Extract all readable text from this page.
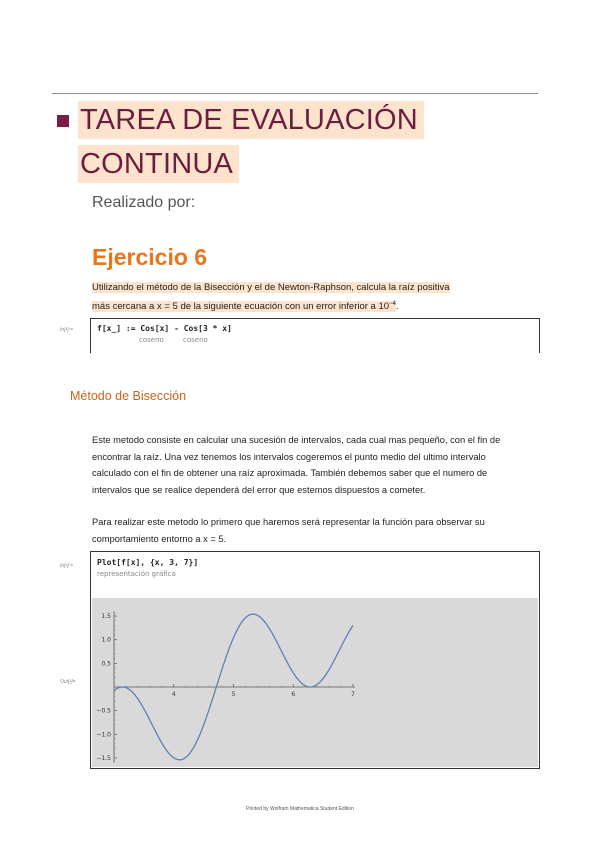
TAREA DE EVALUACIÓN
CONTINUA
Realizado por:
Ejercicio 6
Utilizando el método de la Bisección y el de Newton-Raphson, calcula la raíz positiva
más cercana a x = 5 de la siguiente ecuación con un error inferior a $10^{-4}$.
In[•]:=	f[x_] := Cos[x] - Cos[3 * x]
coseno	coseno
Método de Bisección
Este metodo consiste en calcular una sucesión de intervalos, cada cual mas pequeño, con el fin de
encontrar la raíz. Una vez tenemos los intervalos cogeremos el punto medio del ultimo intervalo
calculado con el fin de obtener una raíz aproximada. También debemos saber que el numero de
intervalos que se realice dependerá del error que estemos dispuestos a cometer.
Para realizar este metodo lo primero que haremos será representar la función para observar su
comportamiento entorno a x = 5.
In[•]:=
Out[•]=
Plot[f[x], {x, 3, 7}]
representación gráfica
4	5	6	7
1.5
1.0
0.5
−0.5
−1.0
−1.5
Printed by Wolfram Mathematica Student Edition
